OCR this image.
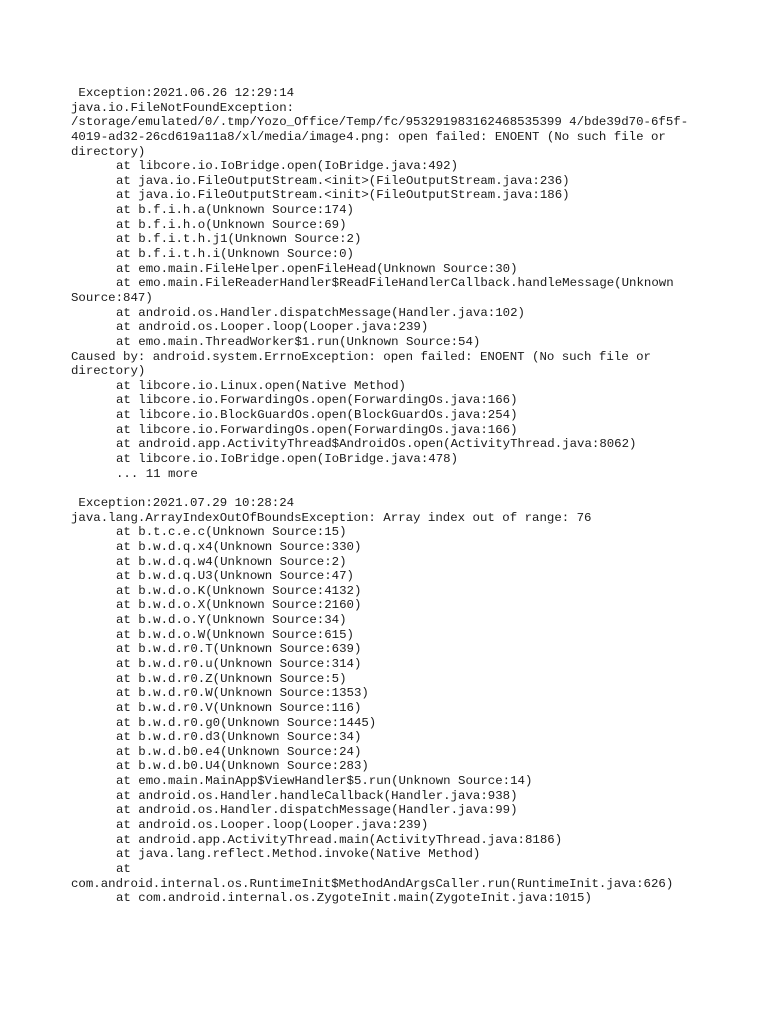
Exception:2021.06.26 12:29:14
java.io.FileNotFoundException:
/storage/emulated/0/.tmp/Yozo_Office/Temp/fc/953291983162468535399 4/bde39d70-6f5f-
4019-ad32-26cd619a11a8/xl/media/image4.png: open failed: ENOENT (No such file or
directory)
at libcore.io.IoBridge.open(IoBridge.java:492)
at java.io.FileOutputStream.<init>(FileOutputStream.java:236)
at java.io.FileOutputStream.<init>(FileOutputStream.java:186)
at b.f.i.h.a(Unknown Source:174)
at b.f.i.h.o(Unknown Source:69)
at b.f.i.t.h.j1(Unknown Source:2)
at b.f.i.t.h.i(Unknown Source:0)
at emo.main.FileHelper.openFileHead(Unknown Source:30)
at emo.main.FileReaderHandler$ReadFileHandlerCallback.handleMessage(Unknown
Source:847)
at android.os.Handler.dispatchMessage(Handler.java:102)
at android.os.Looper.loop(Looper.java:239)
at emo.main.ThreadWorker$1.run(Unknown Source:54)
Caused by: android.system.ErrnoException: open failed: ENOENT (No such file or
directory)
at libcore.io.Linux.open(Native Method)
at libcore.io.ForwardingOs.open(ForwardingOs.java:166)
at libcore.io.BlockGuardOs.open(BlockGuardOs.java:254)
at libcore.io.ForwardingOs.open(ForwardingOs.java:166)
at android.app.ActivityThread$AndroidOs.open(ActivityThread.java:8062)
at libcore.io.IoBridge.open(IoBridge.java:478)
... 11 more
Exception:2021.07.29 10:28:24
java.lang.ArrayIndexOutOfBoundsException: Array index out of range: 76
at b.t.c.e.c(Unknown Source:15)
at b.w.d.q.x4(Unknown Source:330)
at b.w.d.q.w4(Unknown Source:2)
at b.w.d.q.U3(Unknown Source:47)
at b.w.d.o.K(Unknown Source:4132)
at b.w.d.o.X(Unknown Source:2160)
at b.w.d.o.Y(Unknown Source:34)
at b.w.d.o.W(Unknown Source:615)
at b.w.d.r0.T(Unknown Source:639)
at b.w.d.r0.u(Unknown Source:314)
at b.w.d.r0.Z(Unknown Source:5)
at b.w.d.r0.W(Unknown Source:1353)
at b.w.d.r0.V(Unknown Source:116)
at b.w.d.r0.g0(Unknown Source:1445)
at b.w.d.r0.d3(Unknown Source:34)
at b.w.d.b0.e4(Unknown Source:24)
at b.w.d.b0.U4(Unknown Source:283)
at emo.main.MainApp$ViewHandler$5.run(Unknown Source:14)
at android.os.Handler.handleCallback(Handler.java:938)
at android.os.Handler.dispatchMessage(Handler.java:99)
at android.os.Looper.loop(Looper.java:239)
at android.app.ActivityThread.main(ActivityThread.java:8186)
at java.lang.reflect.Method.invoke(Native Method)
at
com.android.internal.os.RuntimeInit$MethodAndArgsCaller.run(RuntimeInit.java:626)
at com.android.internal.os.ZygoteInit.main(ZygoteInit.java:1015)
